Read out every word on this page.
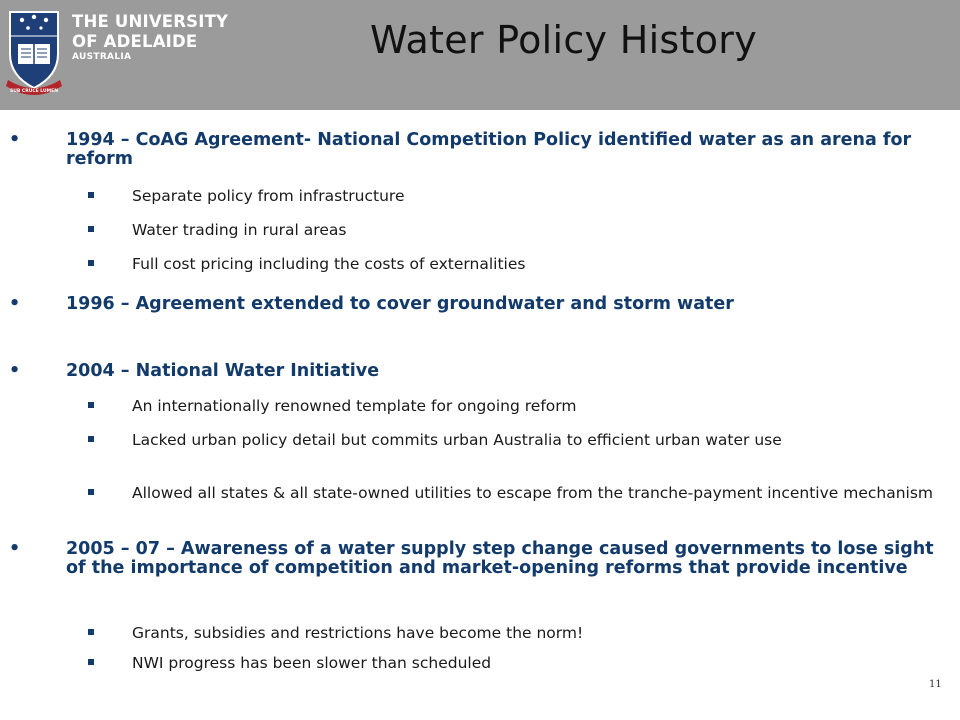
SUB CRUCE LUMEN
THE UNIVERSITY
OF ADELAIDE
AUSTRALIA	Water Policy History
•	1994 – CoAG Agreement- National Competition Policy identified water as an arena for reform
Separate policy from infrastructure
Water trading in rural areas
Full cost pricing including the costs of externalities
•	1996 – Agreement extended to cover groundwater and storm water
•	2004 – National Water Initiative
An internationally renowned template for ongoing reform
Lacked urban policy detail but commits urban Australia to efficient urban water use
Allowed all states & all state-owned utilities to escape from the tranche-payment incentive mechanism
•	2005 – 07 – Awareness of a water supply step change caused governments to lose sight of the importance of competition and market-opening reforms that provide incentive
Grants, subsidies and restrictions have become the norm!
NWI progress has been slower than scheduled
11
